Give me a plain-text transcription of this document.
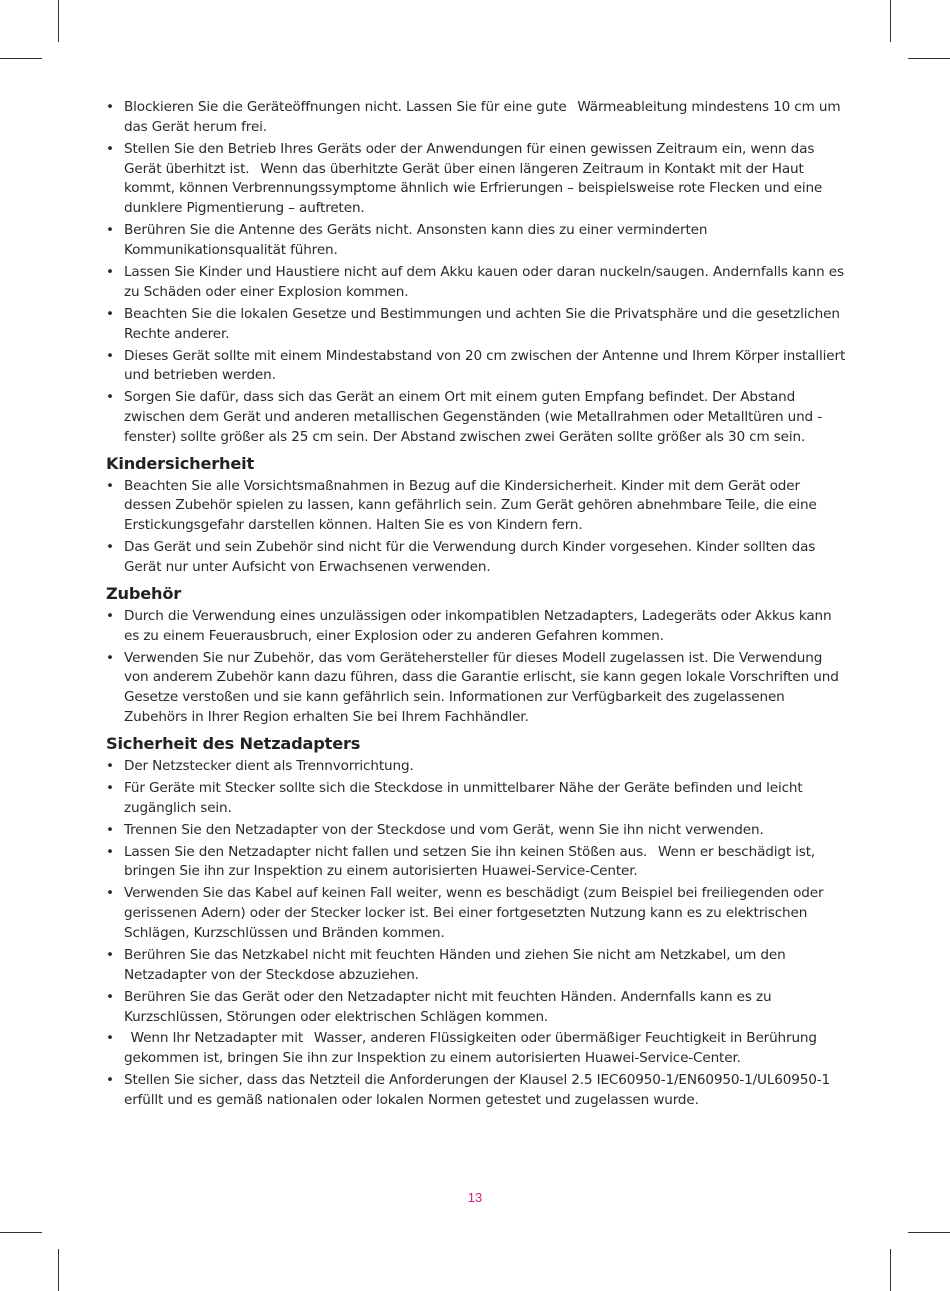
• Blockieren Sie die Geräteöffnungen nicht. Lassen Sie für eine gute  Wärmeableitung mindestens 10 cm um das Gerät herum frei.
• Stellen Sie den Betrieb Ihres Geräts oder der Anwendungen für einen gewissen Zeitraum ein, wenn das Gerät überhitzt ist.  Wenn das überhitzte Gerät über einen längeren Zeitraum in Kontakt mit der Haut kommt, können Verbrennungssymptome ähnlich wie Erfrierungen – beispielsweise rote Flecken und eine dunklere Pigmentierung – auftreten.
• Berühren Sie die Antenne des Geräts nicht. Ansonsten kann dies zu einer verminderten Kommunikationsqualität führen.
• Lassen Sie Kinder und Haustiere nicht auf dem Akku kauen oder daran nuckeln/saugen. Andernfalls kann es zu Schäden oder einer Explosion kommen.
• Beachten Sie die lokalen Gesetze und Bestimmungen und achten Sie die Privatsphäre und die gesetzlichen Rechte anderer.
• Dieses Gerät sollte mit einem Mindestabstand von 20 cm zwischen der Antenne und Ihrem Körper installiert und betrieben werden.
• Sorgen Sie dafür, dass sich das Gerät an einem Ort mit einem guten Empfang befindet. Der Abstand zwischen dem Gerät und anderen metallischen Gegenständen (wie Metallrahmen oder Metalltüren und -fenster) sollte größer als 25 cm sein. Der Abstand zwischen zwei Geräten sollte größer als 30 cm sein.
Kindersicherheit
• Beachten Sie alle Vorsichtsmaßnahmen in Bezug auf die Kindersicherheit. Kinder mit dem Gerät oder dessen Zubehör spielen zu lassen, kann gefährlich sein. Zum Gerät gehören abnehmbare Teile, die eine Erstickungsgefahr darstellen können. Halten Sie es von Kindern fern.
• Das Gerät und sein Zubehör sind nicht für die Verwendung durch Kinder vorgesehen. Kinder sollten das Gerät nur unter Aufsicht von Erwachsenen verwenden.
Zubehör
• Durch die Verwendung eines unzulässigen oder inkompatiblen Netzadapters, Ladegeräts oder Akkus kann es zu einem Feuerausbruch, einer Explosion oder zu anderen Gefahren kommen.
• Verwenden Sie nur Zubehör, das vom Gerätehersteller für dieses Modell zugelassen ist. Die Verwendung von anderem Zubehör kann dazu führen, dass die Garantie erlischt, sie kann gegen lokale Vorschriften und Gesetze verstoßen und sie kann gefährlich sein. Informationen zur Verfügbarkeit des zugelassenen Zubehörs in Ihrer Region erhalten Sie bei Ihrem Fachhändler.
Sicherheit des Netzadapters
• Der Netzstecker dient als Trennvorrichtung.
• Für Geräte mit Stecker sollte sich die Steckdose in unmittelbarer Nähe der Geräte befinden und leicht zugänglich sein.
• Trennen Sie den Netzadapter von der Steckdose und vom Gerät, wenn Sie ihn nicht verwenden.
• Lassen Sie den Netzadapter nicht fallen und setzen Sie ihn keinen Stößen aus.  Wenn er beschädigt ist, bringen Sie ihn zur Inspektion zu einem autorisierten Huawei-Service-Center.
• Verwenden Sie das Kabel auf keinen Fall weiter, wenn es beschädigt (zum Beispiel bei freiliegenden oder gerissenen Adern) oder der Stecker locker ist. Bei einer fortgesetzten Nutzung kann es zu elektrischen Schlägen, Kurzschlüssen und Bränden kommen.
• Berühren Sie das Netzkabel nicht mit feuchten Händen und ziehen Sie nicht am Netzkabel, um den Netzadapter von der Steckdose abzuziehen.
• Berühren Sie das Gerät oder den Netzadapter nicht mit feuchten Händen. Andernfalls kann es zu Kurzschlüssen, Störungen oder elektrischen Schlägen kommen.
•  Wenn Ihr Netzadapter mit  Wasser, anderen Flüssigkeiten oder übermäßiger Feuchtigkeit in Berührung gekommen ist, bringen Sie ihn zur Inspektion zu einem autorisierten Huawei-Service-Center.
• Stellen Sie sicher, dass das Netzteil die Anforderungen der Klausel 2.5 IEC60950-1/EN60950-1/UL60950-1 erfüllt und es gemäß nationalen oder lokalen Normen getestet und zugelassen wurde.
13
